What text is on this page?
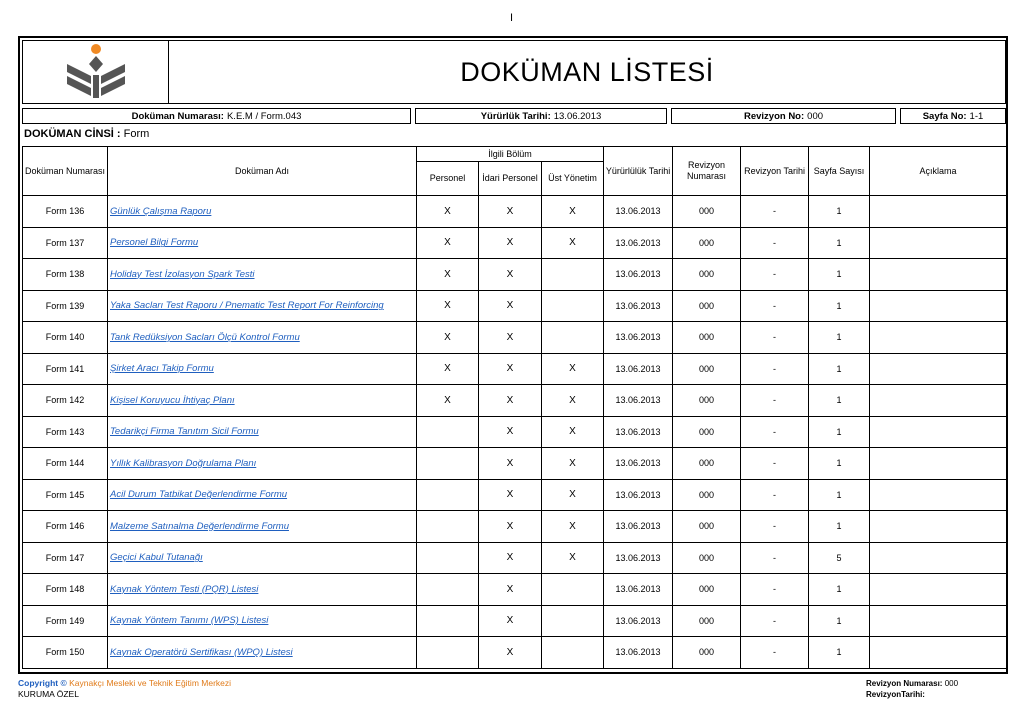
I
DOKÜMAN LİSTESİ
Doküman Numarası: K.E.M / Form.043	Yürürlük Tarihi: 13.06.2013	Revizyon No: 000	Sayfa No: 1-1
DOKÜMAN CİNSİ : Form
Doküman Numarası	Doküman Adı	İlgili Bölüm			Yürürlülük Tarihi	Revizyon Numarası	Revizyon Tarihi	Sayfa Sayısı	Açıklama
		Personel	İdari Personel	Üst Yönetim					
Form 136	Günlük Çalışma Raporu	X	X	X	13.06.2013	000	-	1	
Form 137	Personel Bilgi Formu	X	X	X	13.06.2013	000	-	1	
Form 138	Holiday Test İzolasyon Spark Testi	X	X		13.06.2013	000	-	1	
Form 139	Yaka Sacları Test Raporu / Pnematic Test Report For Reinforcing	X	X		13.06.2013	000	-	1	
Form 140	Tank Redüksiyon Sacları Ölçü Kontrol Formu	X	X		13.06.2013	000	-	1	
Form 141	Şirket Aracı Takip Formu	X	X	X	13.06.2013	000	-	1	
Form 142	Kişisel Koruyucu İhtiyaç Planı	X	X	X	13.06.2013	000	-	1	
Form 143	Tedarikçi Firma Tanıtım Sicil Formu		X	X	13.06.2013	000	-	1	
Form 144	Yıllık Kalibrasyon Doğrulama Planı		X	X	13.06.2013	000	-	1	
Form 145	Acil Durum Tatbikat Değerlendirme Formu		X	X	13.06.2013	000	-	1	
Form 146	Malzeme Satınalma Değerlendirme Formu		X	X	13.06.2013	000	-	1	
Form 147	Geçici Kabul Tutanağı		X	X	13.06.2013	000	-	5	
Form 148	Kaynak Yöntem Testi (PQR) Listesi		X		13.06.2013	000	-	1	
Form 149	Kaynak Yöntem Tanımı (WPS) Listesi		X		13.06.2013	000	-	1	
Form 150	Kaynak Operatörü Sertifikası (WPQ) Listesi		X		13.06.2013	000	-	1	
Copyright © Kaynakçı Mesleki ve Teknik Eğitim Merkezi
KURUMA ÖZEL
Revizyon Numarası: 000
RevizyonTarihi:
